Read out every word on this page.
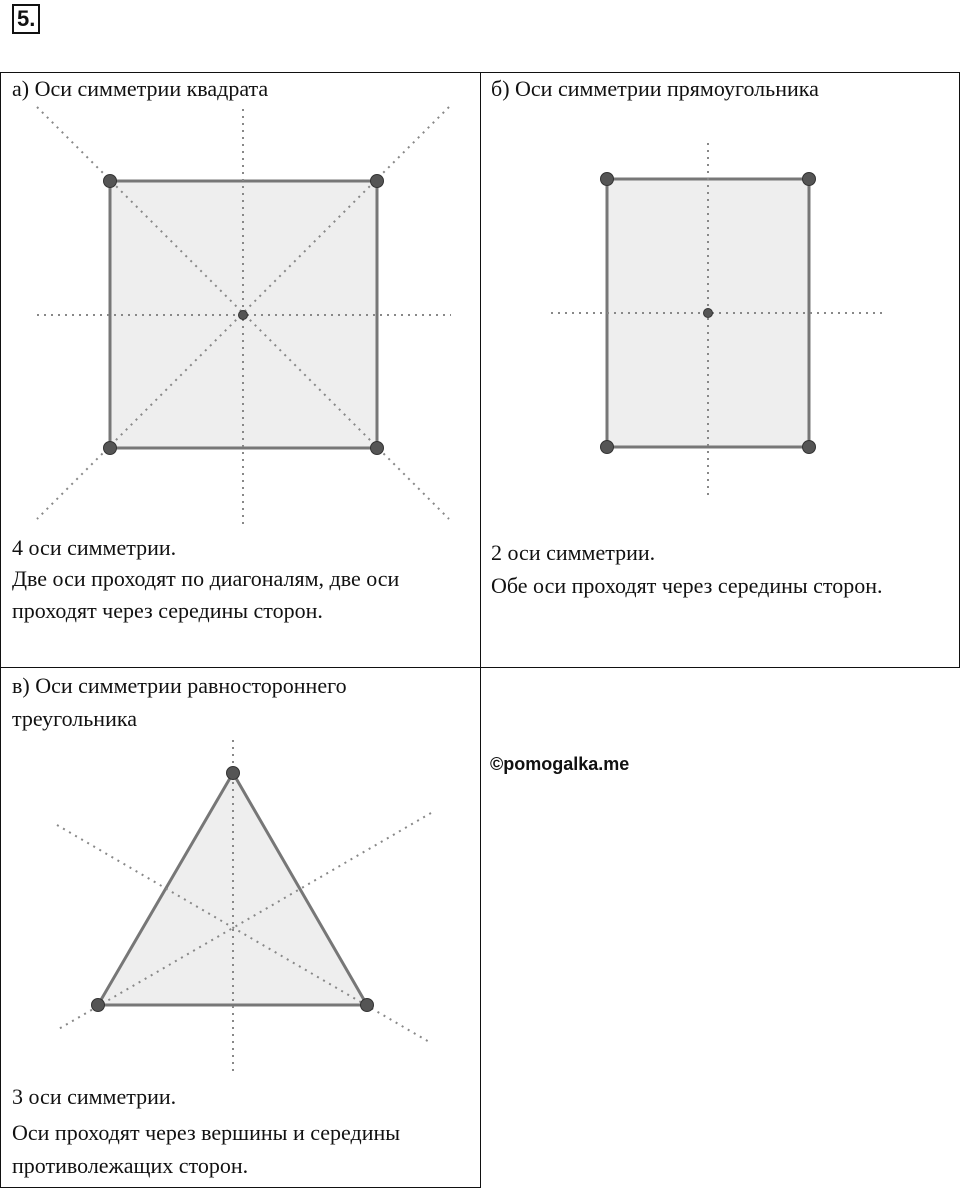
5.

а) Оси симметрии квадрата

4 оси симметрии.

Две оси проходят по диагоналям, две оси

проходят через середины сторон.

б) Оси симметрии прямоугольника

2 оси симметрии.

Обе оси проходят через середины сторон.

в) Оси симметрии равностороннего

треугольника

3 оси симметрии.

Оси проходят через вершины и середины

противолежащих сторон.

©pomogalka.me
